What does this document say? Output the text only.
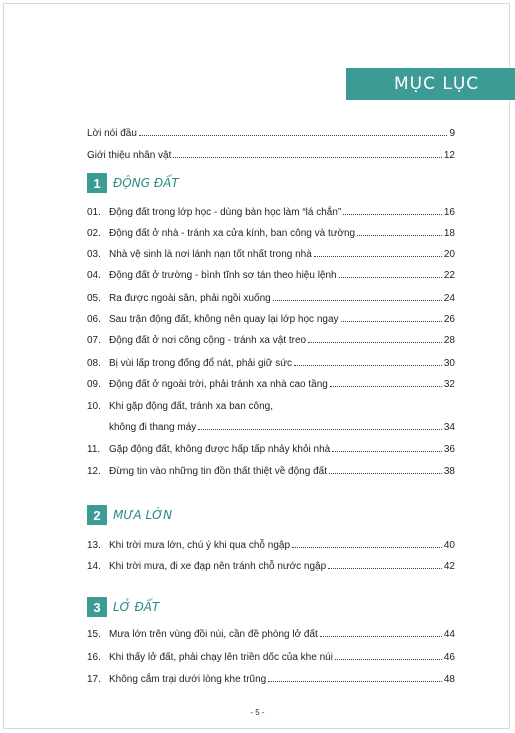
MỤC LỤC
Lời nói đầu	9
Giới thiệu nhân vật	12
1	ĐỘNG ĐẤT
01. Động đất trong lớp học - dùng bàn học làm “lá chắn”	16
02. Động đất ở nhà - tránh xa cửa kính, ban công và tường	18
03. Nhà vệ sinh là nơi lánh nạn tốt nhất trong nhà	20
04. Động đất ở trường - bình tĩnh sơ tán theo hiệu lệnh	22
05. Ra được ngoài sân, phải ngồi xuống	24
06. Sau trận động đất, không nên quay lại lớp học ngay	26
07. Động đất ở nơi công cộng - tránh xa vật treo	28
08. Bị vùi lấp trong đống đổ nát, phải giữ sức	30
09. Động đất ở ngoài trời, phải tránh xa nhà cao tầng	32
10. Khi gặp động đất, tránh xa ban công,
không đi thang máy	34
11. Gặp động đất, không được hấp tấp nhảy khỏi nhà	36
12. Đừng tin vào những tin đồn thất thiệt về động đất	38
2	MƯA LỚN
13. Khi trời mưa lớn, chú ý khi qua chỗ ngập	40
14. Khi trời mưa, đi xe đạp nên tránh chỗ nước ngập	42
3	LỞ ĐẤT
15. Mưa lớn trên vùng đồi núi, cần đề phòng lở đất	44
16. Khi thấy lở đất, phải chạy lên triền dốc của khe núi	46
17. Không cắm trại dưới lòng khe trũng	48
- 5 -
